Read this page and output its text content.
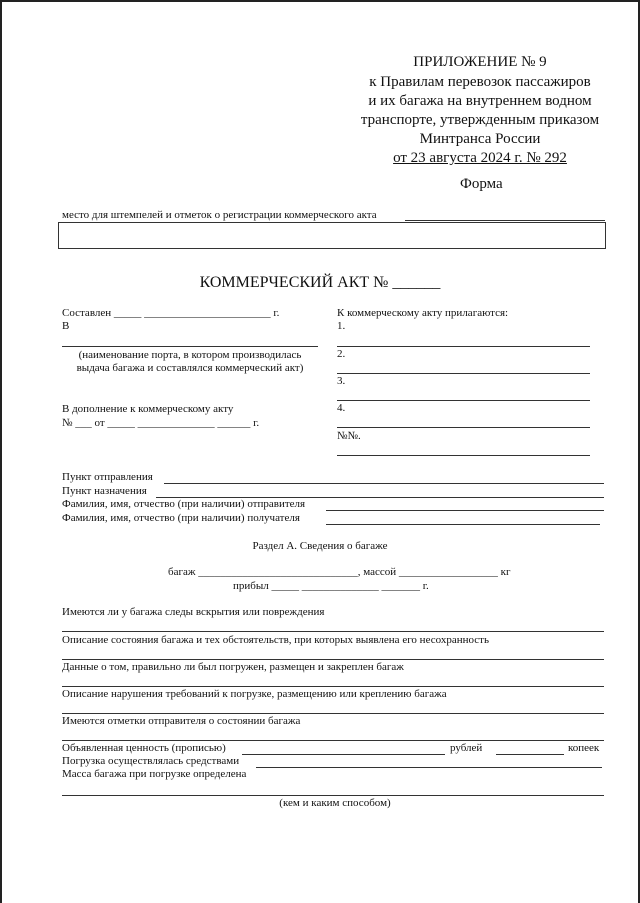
ПРИЛОЖЕНИЕ № 9
к Правилам перевозок пассажиров
и их багажа на внутреннем водном
транспорте, утвержденным приказом
Минтранса России
от 23 августа 2024 г. № 292
Форма
место для штемпелей и отметок о регистрации коммерческого акта
КОММЕРЧЕСКИЙ АКТ № ______
Составлен _____ _______________________ г.
В
(наименование порта, в котором производилась
выдача багажа и составлялся коммерческий акт)
В дополнение к коммерческому акту
№ ___ от _____ ______________ ______ г.
К коммерческому акту прилагаются:
1.
2.
3.
4.
№№.
Пункт отправления
Пункт назначения
Фамилия, имя, отчество (при наличии) отправителя
Фамилия, имя, отчество (при наличии) получателя
Раздел А. Сведения о багаже
багаж _____________________________, массой __________________ кг
прибыл _____ ______________ _______ г.
Имеются ли у багажа следы вскрытия или повреждения
Описание состояния багажа и тех обстоятельств, при которых выявлена его несохранность
Данные о том, правильно ли был погружен, размещен и закреплен багаж
Описание нарушения требований к погрузке, размещению или креплению багажа
Имеются отметки отправителя о состоянии багажа
Объявленная ценность (прописью)	рублей	копеек
Погрузка осуществлялась средствами
Масса багажа при погрузке определена
(кем и каким способом)
